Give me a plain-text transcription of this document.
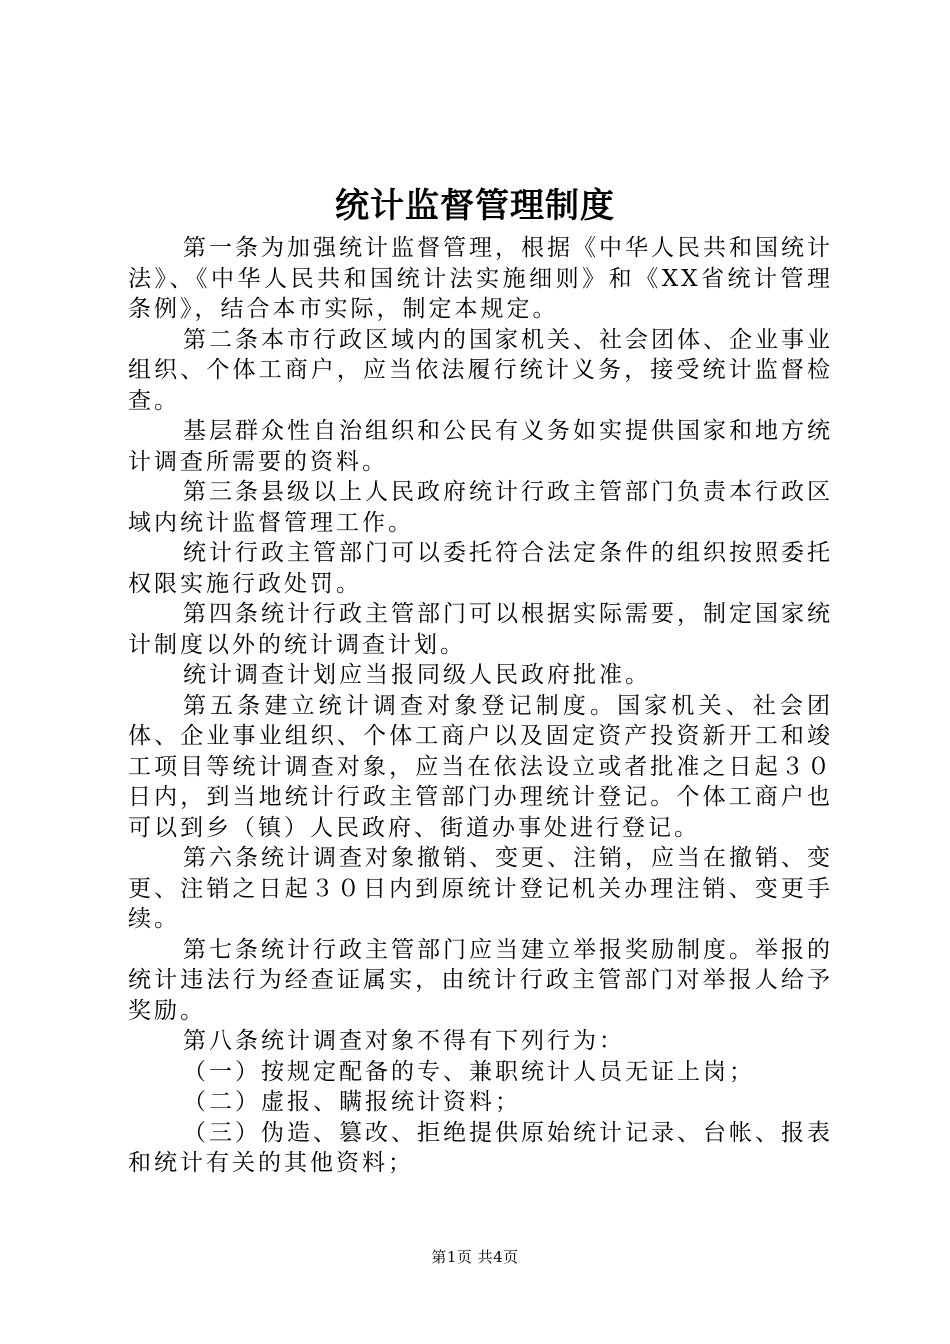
统计监督管理制度

第一条为加强统计监督管理，根据《中华人民共和国统计法》、《中华人民共和国统计法实施细则》和《XX省统计管理条例》，结合本市实际，制定本规定。

第二条本市行政区域内的国家机关、社会团体、企业事业组织、个体工商户，应当依法履行统计义务，接受统计监督检查。

基层群众性自治组织和公民有义务如实提供国家和地方统计调查所需要的资料。

第三条县级以上人民政府统计行政主管部门负责本行政区域内统计监督管理工作。

统计行政主管部门可以委托符合法定条件的组织按照委托权限实施行政处罚。

第四条统计行政主管部门可以根据实际需要，制定国家统计制度以外的统计调查计划。

统计调查计划应当报同级人民政府批准。

第五条建立统计调查对象登记制度。国家机关、社会团体、企业事业组织、个体工商户以及固定资产投资新开工和竣工项目等统计调查对象，应当在依法设立或者批准之日起３０日内，到当地统计行政主管部门办理统计登记。个体工商户也可以到乡（镇）人民政府、街道办事处进行登记。

第六条统计调查对象撤销、变更、注销，应当在撤销、变更、注销之日起３０日内到原统计登记机关办理注销、变更手续。

第七条统计行政主管部门应当建立举报奖励制度。举报的统计违法行为经查证属实，由统计行政主管部门对举报人给予奖励。

第八条统计调查对象不得有下列行为：

（一）按规定配备的专、兼职统计人员无证上岗；

（二）虚报、瞒报统计资料；

（三）伪造、篡改、拒绝提供原始统计记录、台帐、报表和统计有关的其他资料；

第1页 共4页
